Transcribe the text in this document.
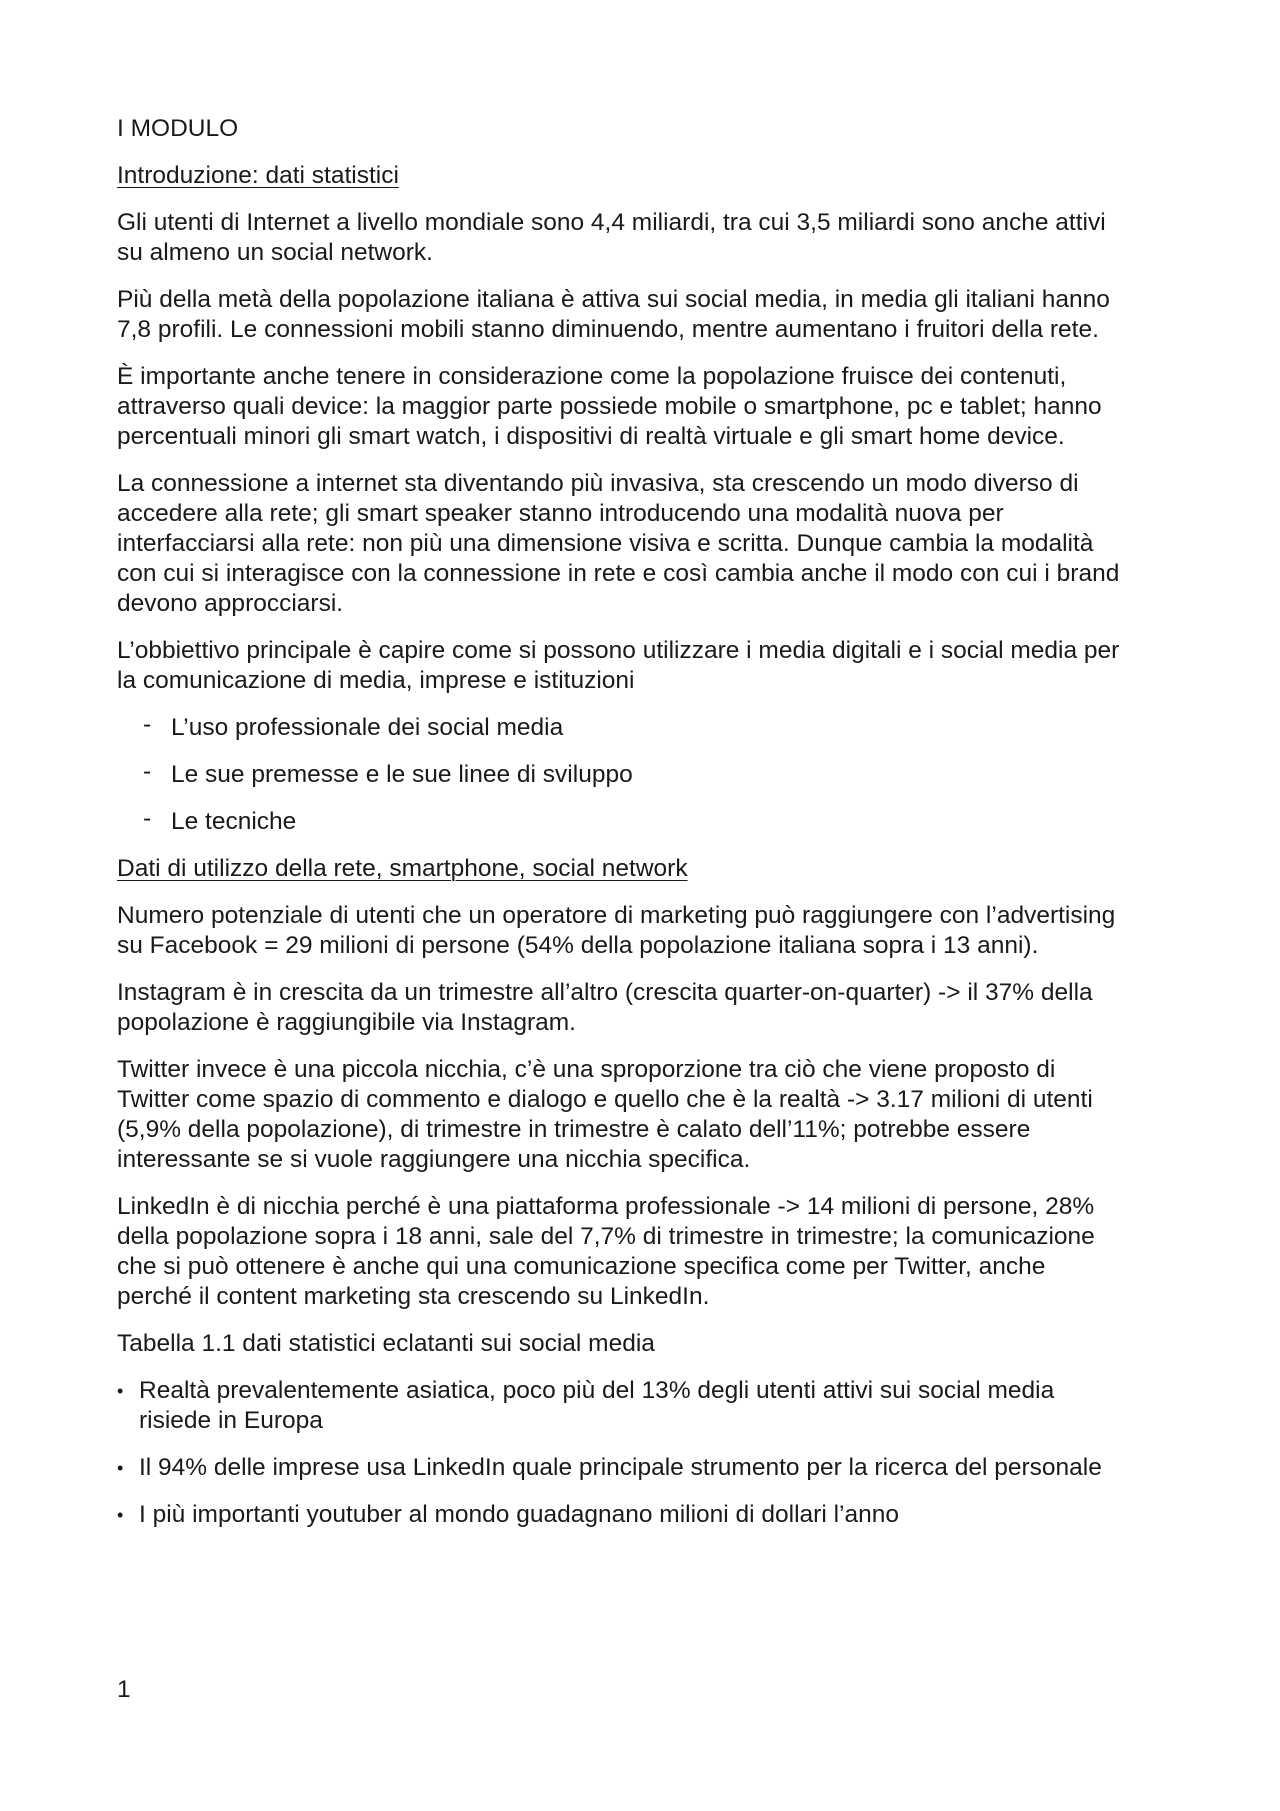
I MODULO

Introduzione: dati statistici

Gli utenti di Internet a livello mondiale sono 4,4 miliardi, tra cui 3,5 miliardi sono anche attivi su almeno un social network.

Più della metà della popolazione italiana è attiva sui social media, in media gli italiani hanno 7,8 profili. Le connessioni mobili stanno diminuendo, mentre aumentano i fruitori della rete.

È importante anche tenere in considerazione come la popolazione fruisce dei contenuti, attraverso quali device: la maggior parte possiede mobile o smartphone, pc e tablet; hanno percentuali minori gli smart watch, i dispositivi di realtà virtuale e gli smart home device.

La connessione a internet sta diventando più invasiva, sta crescendo un modo diverso di accedere alla rete; gli smart speaker stanno introducendo una modalità nuova per interfacciarsi alla rete: non più una dimensione visiva e scritta. Dunque cambia la modalità con cui si interagisce con la connessione in rete e così cambia anche il modo con cui i brand devono approcciarsi.

L’obbiettivo principale è capire come si possono utilizzare i media digitali e i social media per la comunicazione di media, imprese e istituzioni

- L’uso professionale dei social media
- Le sue premesse e le sue linee di sviluppo
- Le tecniche

Dati di utilizzo della rete, smartphone, social network

Numero potenziale di utenti che un operatore di marketing può raggiungere con l’advertising su Facebook = 29 milioni di persone (54% della popolazione italiana sopra i 13 anni).

Instagram è in crescita da un trimestre all’altro (crescita quarter-on-quarter) -> il 37% della popolazione è raggiungibile via Instagram.

Twitter invece è una piccola nicchia, c’è una sproporzione tra ciò che viene proposto di Twitter come spazio di commento e dialogo e quello che è la realtà -> 3.17 milioni di utenti (5,9% della popolazione), di trimestre in trimestre è calato dell’11%; potrebbe essere interessante se si vuole raggiungere una nicchia specifica.

LinkedIn è di nicchia perché è una piattaforma professionale -> 14 milioni di persone, 28% della popolazione sopra i 18 anni, sale del 7,7% di trimestre in trimestre; la comunicazione che si può ottenere è anche qui una comunicazione specifica come per Twitter, anche perché il content marketing sta crescendo su LinkedIn.

Tabella 1.1 dati statistici eclatanti sui social media

• Realtà prevalentemente asiatica, poco più del 13% degli utenti attivi sui social media risiede in Europa
• Il 94% delle imprese usa LinkedIn quale principale strumento per la ricerca del personale
• I più importanti youtuber al mondo guadagnano milioni di dollari l’anno
1
